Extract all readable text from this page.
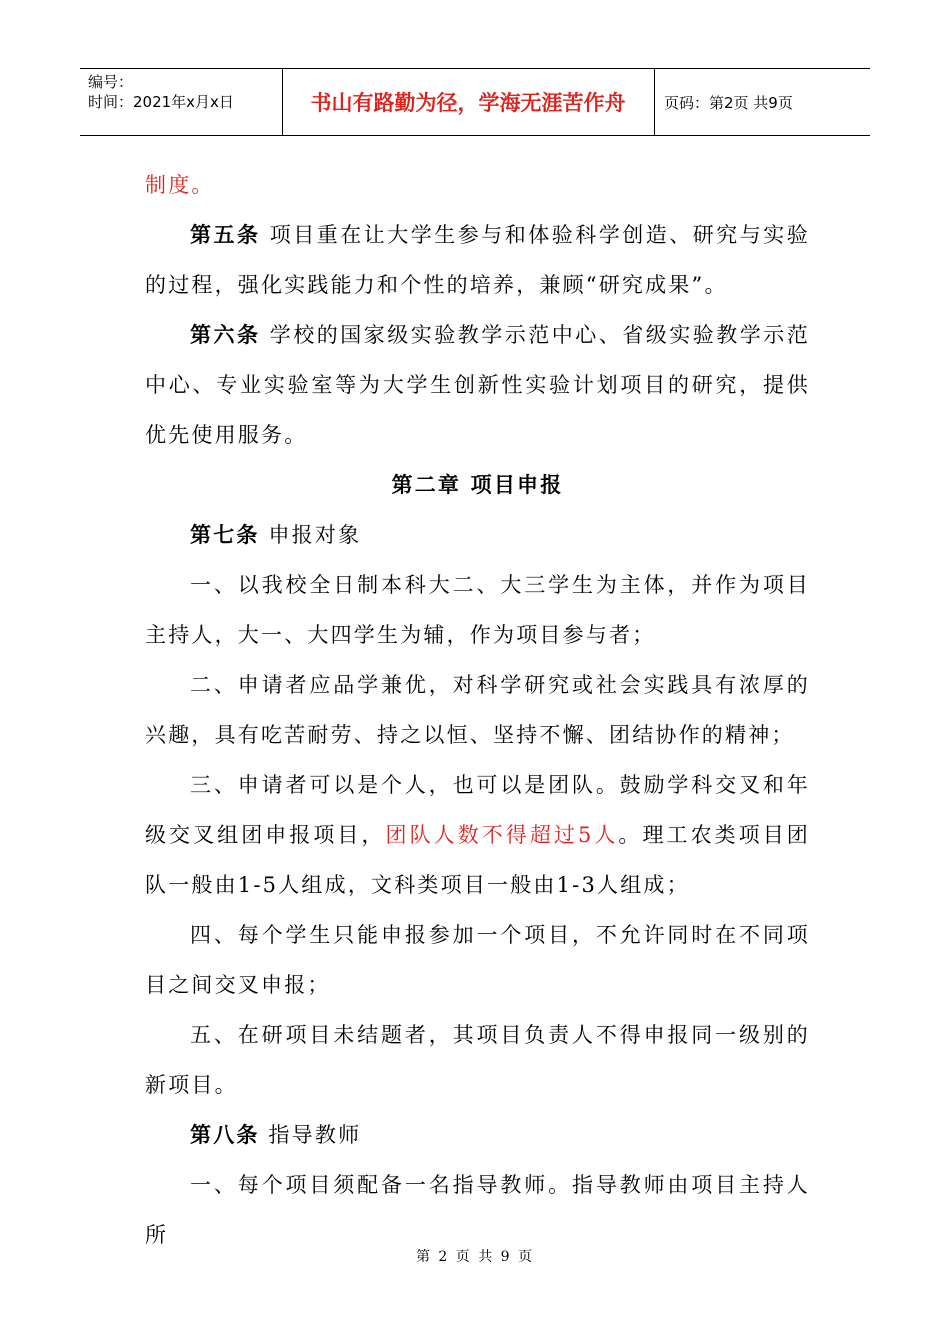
编号：
时间：2021年x月x日	书山有路勤为径，学海无涯苦作舟	页码：第2页 共9页

制度。

第五条 项目重在让大学生参与和体验科学创造、研究与实验的过程，强化实践能力和个性的培养，兼顾“研究成果”。

第六条 学校的国家级实验教学示范中心、省级实验教学示范中心、专业实验室等为大学生创新性实验计划项目的研究，提供优先使用服务。

第二章 项目申报

第七条 申报对象

一、以我校全日制本科大二、大三学生为主体，并作为项目主持人，大一、大四学生为辅，作为项目参与者；

二、申请者应品学兼优，对科学研究或社会实践具有浓厚的兴趣，具有吃苦耐劳、持之以恒、坚持不懈、团结协作的精神；

三、申请者可以是个人，也可以是团队。鼓励学科交叉和年级交叉组团申报项目，团队人数不得超过5人。理工农类项目团队一般由1-5人组成，文科类项目一般由1-3人组成；

四、每个学生只能申报参加一个项目，不允许同时在不同项目之间交叉申报；

五、在研项目未结题者，其项目负责人不得申报同一级别的新项目。

第八条 指导教师

一、每个项目须配备一名指导教师。指导教师由项目主持人所

第 2 页 共 9 页
